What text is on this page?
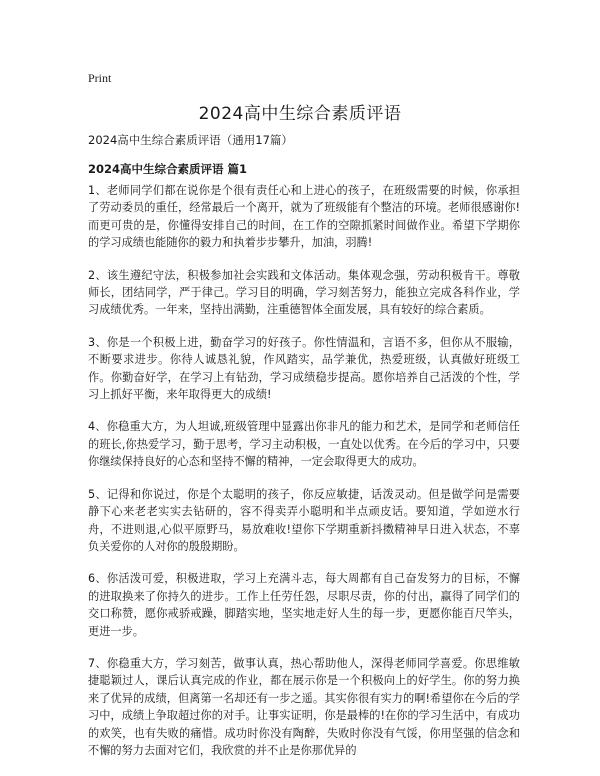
Print
2024高中生综合素质评语
2024高中生综合素质评语（通用17篇）
2024高中生综合素质评语 篇1

1、老师同学们都在说你是个很有责任心和上进心的孩子，在班级需要的时候，你承担了劳动委员的重任，经常最后一个离开，就为了班级能有个整洁的环境。老师很感谢你!而更可贵的是，你懂得安排自己的时间，在工作的空隙抓紧时间做作业。希望下学期你的学习成绩也能随你的毅力和执着步步攀升，加油，羽腾!

2、该生遵纪守法，积极参加社会实践和文体活动。集体观念强，劳动积极肯干。尊敬师长，团结同学，严于律己。学习目的明确，学习刻苦努力，能独立完成各科作业，学习成绩优秀。一年来，坚持出满勤，注重德智体全面发展，具有较好的综合素质。

3、你是一个积极上进，勤奋学习的好孩子。你性情温和，言语不多，但你从不服输，不断要求进步。你待人诚恳礼貌，作风踏实，品学兼优，热爱班级，认真做好班级工作。你勤奋好学，在学习上有钻劲，学习成绩稳步提高。愿你培养自己活泼的个性，学习上抓好平衡，来年取得更大的成绩!

4、你稳重大方，为人坦诚,班级管理中显露出你非凡的能力和艺术，是同学和老师信任的班长,你热爱学习，勤于思考，学习主动积极，一直处以优秀。在今后的学习中，只要你继续保持良好的心态和坚持不懈的精神，一定会取得更大的成功。

5、记得和你说过，你是个太聪明的孩子，你反应敏捷，话泼灵动。但是做学问是需要静下心来老老实实去钻研的，容不得卖弄小聪明和半点顽皮话。要知道，学如逆水行舟，不进则退,心似平原野马，易放难收!望你下学期重新抖擞精神早日进入状态，不辜负关爱你的人对你的殷殷期盼。

6、你活泼可爱，积极进取，学习上充满斗志，每大周都有自己奋发努力的目标，不懈的进取换来了你持久的进步。工作上任劳任怨，尽职尽责，你的付出，赢得了同学们的交口称赞，愿你戒骄戒躁，脚踏实地，坚实地走好人生的每一步，更愿你能百尺竿头，更进一步。

7、你稳重大方，学习刻苦，做事认真，热心帮助他人，深得老师同学喜爱。你思维敏捷聪颖过人，课后认真完成的作业，都在展示你是一个积极向上的好学生。你的努力换来了优异的成绩，但离第一名却还有一步之遥。其实你很有实力的啊!希望你在今后的学习中，成绩上争取超过你的对手。让事实证明，你是最棒的!在你的学习生活中，有成功的欢笑，也有失败的痛惜。成功时你没有陶醉，失败时你没有气馁，你用坚强的信念和不懈的努力去面对它们，我欣赏的并不止是你那优异的
